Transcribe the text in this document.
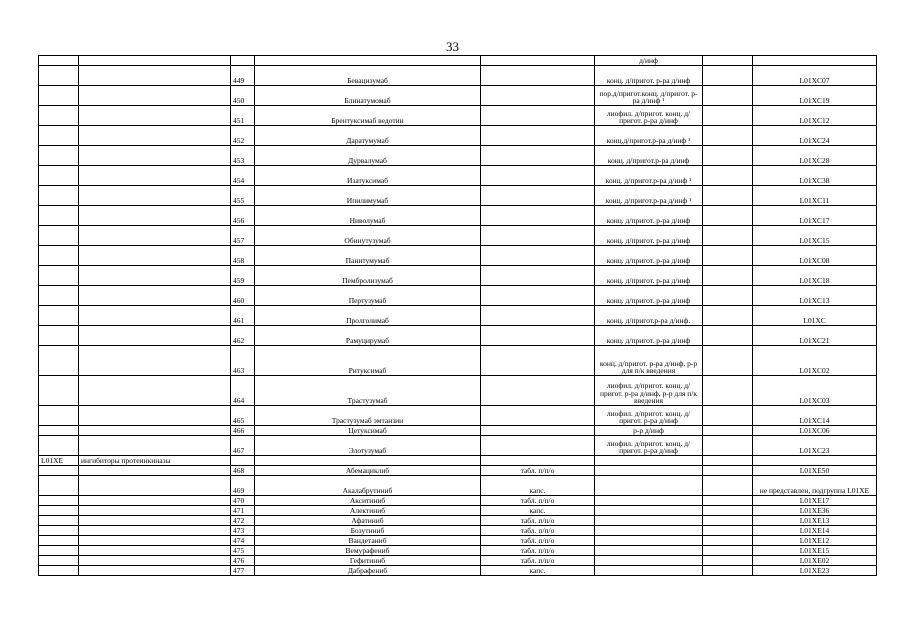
33
					д/инф		
		449	Бевацизумаб		конц. д/пригот. р-ра д/инф		L01XC07
		450	Блинатумомаб		пор.д/пригот.конц. д/пригот. р-ра д/инф ¹		L01XC19
		451	Брентуксимаб ведотин		лиофил. д/пригот. конц. д/пригот. р-ра д/инф		L01XC12
		452	Даратумумаб		конц.д/пригот.р-ра д/инф ¹		L01XC24
		453	Дурвалумаб		конц. д/пригот.р-ра д/инф		L01XC28
		454	Изатуксимаб		конц. д/пригот.р-ра д/инф ¹		L01XC38
		455	Ипилимумаб		конц. д/пригот.р-ра д/инф ¹		L01XC11
		456	Ниволумаб		конц. д/пригот. р-ра д/инф		L01XC17
		457	Обинутузумаб		конц. д/пригот. р-ра д/инф		L01XC15
		458	Панитумумаб		конц. д/пригот. р-ра д/инф		L01XC08
		459	Пембролизумаб		конц. д/пригот. р-ра д/инф		L01XC18
		460	Пертузумаб		конц. д/пригот. р-ра д/инф		L01XC13
		461	Пролголимаб		конц. д/пригот.р-ра д/инф.		L01XC
		462	Рамуцирумаб		конц. д/пригот. р-ра д/инф		L01XC21
		463	Ритуксимаб		конц. д/пригот. р-ра д/инф, р-р для п/к введения		L01XC02
		464	Трастузумаб		лиофил. д/пригот. конц. д/пригот. р-ра д/инф, р-р для п/к введения		L01XC03
		465	Трастузумаб эмтанзин		лиофил. д/пригот. конц. д/пригот. р-ра д/инф		L01XC14
		466	Цетуксимаб		р-р д/инф		L01XC06
		467	Элотузумаб		лиофил. д/пригот. конц. д/пригот. р-ра д/инф		L01XC23
L01XE	ингибиторы протеинкиназы						
		468	Абемациклиб	табл. п/п/о			L01XE50
		469	Акалабрутиниб	капс.			не представлен, подгруппа L01XE
		470	Акситиниб	табл. п/п/о			L01XE17
		471	Алектиниб	капс.			L01XE36
		472	Афатиниб	табл. п/п/о			L01XE13
		473	Бозутиниб	табл. п/п/о			L01XE14
		474	Вандетаниб	табл. п/п/о			L01XE12
		475	Вемурафениб	табл. п/п/о			L01XE15
		476	Гефитиниб	табл. п/п/о			L01XE02
		477	Дабрафениб	капс.			L01XE23
